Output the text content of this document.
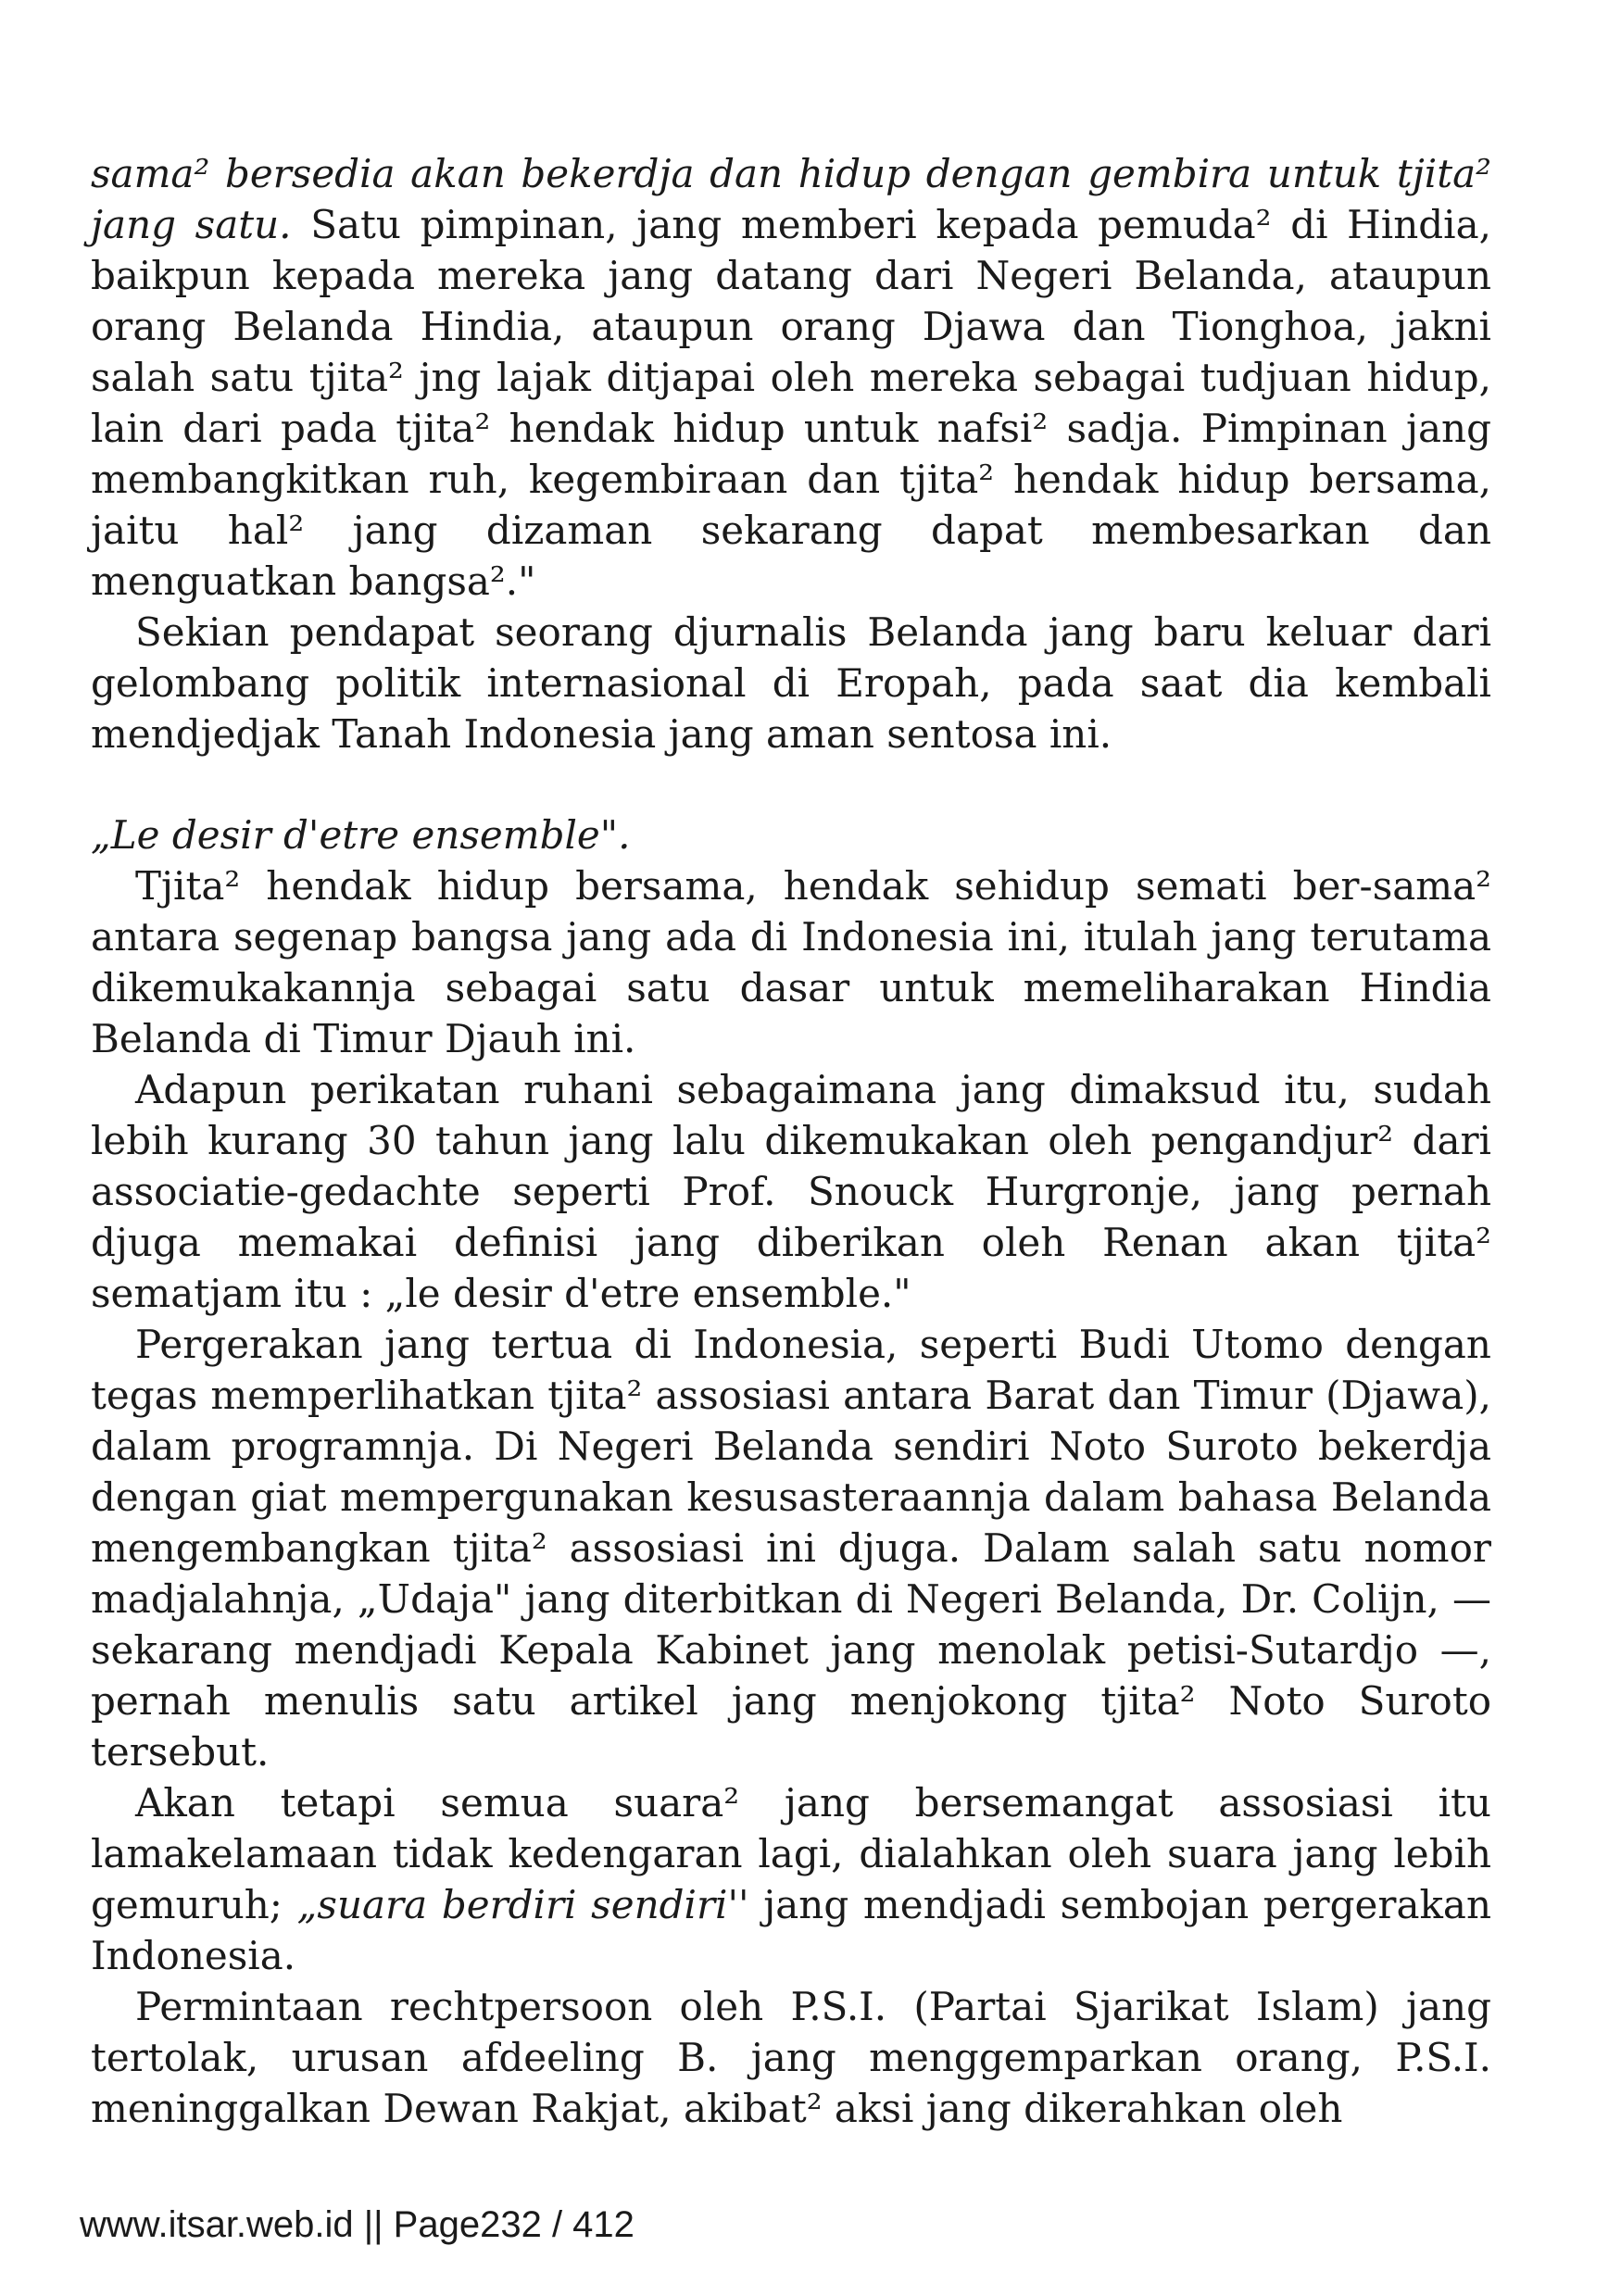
sama² bersedia akan bekerdja dan hidup dengan gembira untuk tjita² jang satu. Satu pimpinan, jang memberi kepada pemuda² di Hindia, baikpun kepada mereka jang datang dari Negeri Belanda, ataupun orang Belanda Hindia, ataupun orang Djawa dan Tionghoa, jakni salah satu tjita² jng lajak ditjapai oleh mereka sebagai tudjuan hidup, lain dari pada tjita² hendak hidup untuk nafsi² sadja. Pimpinan jang membangkitkan ruh, kegembiraan dan tjita² hendak hidup bersama, jaitu hal² jang dizaman sekarang dapat membesarkan dan menguatkan bangsa²."

Sekian pendapat seorang djurnalis Belanda jang baru keluar dari gelombang politik internasional di Eropah, pada saat dia kembali mendjedjak Tanah Indonesia jang aman sentosa ini.

„Le desir d'etre ensemble".

Tjita² hendak hidup bersama, hendak sehidup semati ber-sama² antara segenap bangsa jang ada di Indonesia ini, itulah jang terutama dikemukakannja sebagai satu dasar untuk memeliharakan Hindia Belanda di Timur Djauh ini.

Adapun perikatan ruhani sebagaimana jang dimaksud itu, sudah lebih kurang 30 tahun jang lalu dikemukakan oleh pengandjur² dari associatie-gedachte seperti Prof. Snouck Hurgronje, jang pernah djuga memakai definisi jang diberikan oleh Renan akan tjita² sematjam itu : „le desir d'etre ensemble."

Pergerakan jang tertua di Indonesia, seperti Budi Utomo dengan tegas memperlihatkan tjita² assosiasi antara Barat dan Timur (Djawa), dalam programnja. Di Negeri Belanda sendiri Noto Suroto bekerdja dengan giat mempergunakan kesusasteraannja dalam bahasa Belanda mengembangkan tjita² assosiasi ini djuga. Dalam salah satu nomor madjalahnja, „Udaja" jang diterbitkan di Negeri Belanda, Dr. Colijn, — sekarang mendjadi Kepala Kabinet jang menolak petisi-Sutardjo —, pernah menulis satu artikel jang menjokong tjita² Noto Suroto tersebut.

Akan tetapi semua suara² jang bersemangat assosiasi itu lamakelamaan tidak kedengaran lagi, dialahkan oleh suara jang lebih gemuruh; „suara berdiri sendiri'' jang mendjadi sembojan pergerakan Indonesia.

Permintaan rechtpersoon oleh P.S.I. (Partai Sjarikat Islam) jang tertolak, urusan afdeeling B. jang menggemparkan orang, P.S.I. meninggalkan Dewan Rakjat, akibat² aksi jang dikerahkan oleh

www.itsar.web.id || Page232 / 412
